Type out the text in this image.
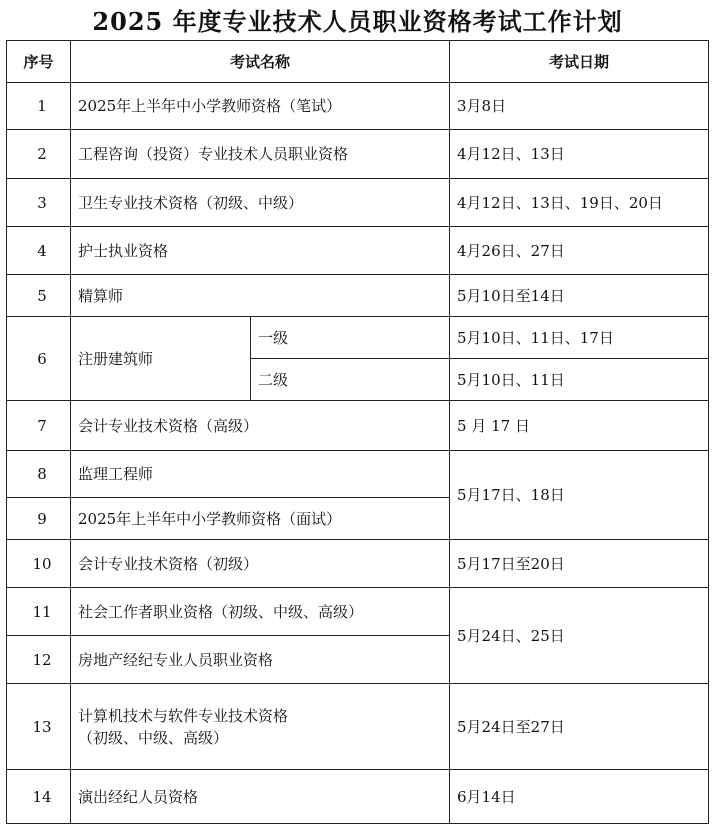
2025 年度专业技术人员职业资格考试工作计划
序号	考试名称		考试日期
1	2025年上半年中小学教师资格（笔试）		3月8日
2	工程咨询（投资）专业技术人员职业资格		4月12日、13日
3	卫生专业技术资格（初级、中级）		4月12日、13日、19日、20日
4	护士执业资格		4月26日、27日
5	精算师		5月10日至14日
6	注册建筑师	一级	5月10日、11日、17日
		二级	5月10日、11日
7	会计专业技术资格（高级）		5 月 17 日
8	监理工程师		5月17日、18日
9	2025年上半年中小学教师资格（面试）		
10	会计专业技术资格（初级）		5月17日至20日
11	社会工作者职业资格（初级、中级、高级）		5月24日、25日
12	房地产经纪专业人员职业资格		
13	计算机技术与软件专业技术资格
（初级、中级、高级）		5月24日至27日
14	演出经纪人员资格		6月14日
